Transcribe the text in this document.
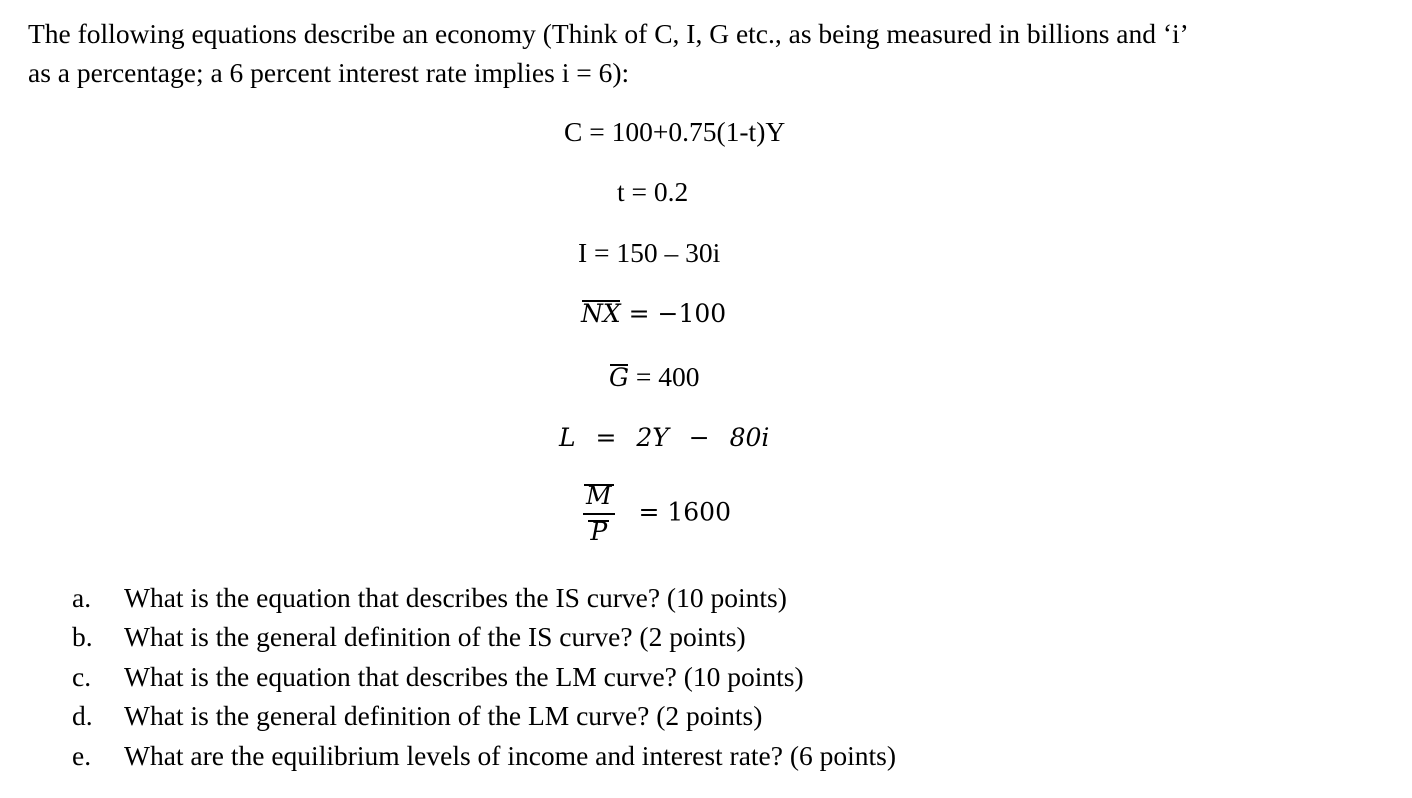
The following equations describe an economy (Think of C, I, G etc., as being measured in billions and ‘i’
as a percentage; a 6 percent interest rate implies i = 6):
C = 100+0.75(1-t)Y
t = 0.2
I = 150 – 30i
NX = −100
G = 400
L = 2Y − 80i
$\frac{M}{P} = 1600$
a.	What is the equation that describes the IS curve? (10 points)
b.	What is the general definition of the IS curve? (2 points)
c.	What is the equation that describes the LM curve? (10 points)
d.	What is the general definition of the LM curve? (2 points)
e.	What are the equilibrium levels of income and interest rate? (6 points)
